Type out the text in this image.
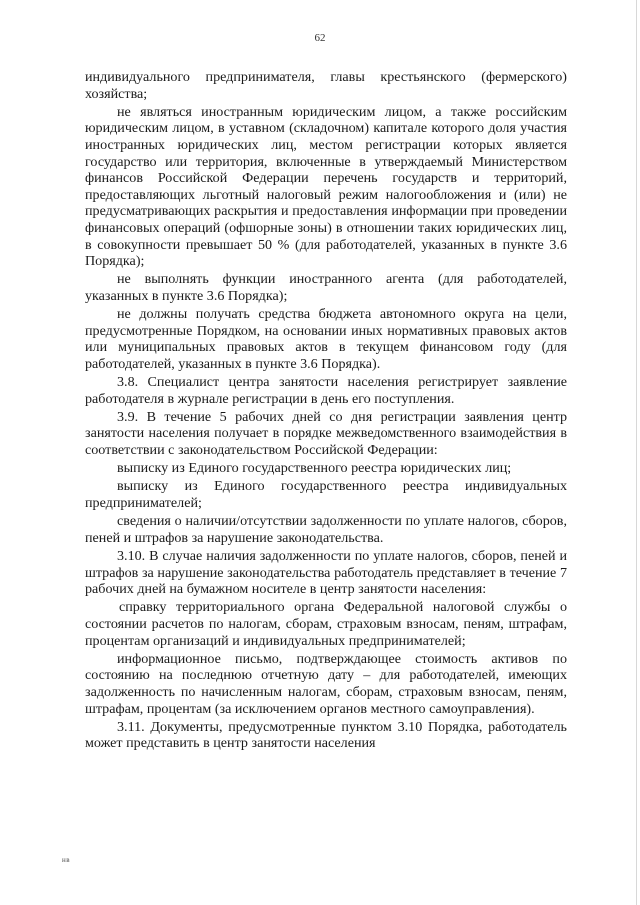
62

индивидуального предпринимателя, главы крестьянского (фермерского) хозяйства;

не являться иностранным юридическим лицом, а также российским юридическим лицом, в уставном (складочном) капитале которого доля участия иностранных юридических лиц, местом регистрации которых является государство или территория, включенные в утверждаемый Министерством финансов Российской Федерации перечень государств и территорий, предоставляющих льготный налоговый режим налогообложения и (или) не предусматривающих раскрытия и предоставления информации при проведении финансовых операций (офшорные зоны) в отношении таких юридических лиц, в совокупности превышает 50 % (для работодателей, указанных в пункте 3.6 Порядка);

не выполнять функции иностранного агента (для работодателей, указанных в пункте 3.6 Порядка);

не должны получать средства бюджета автономного округа на цели, предусмотренные Порядком, на основании иных нормативных правовых актов или муниципальных правовых актов в текущем финансовом году (для работодателей, указанных в пункте 3.6 Порядка).

3.8. Специалист центра занятости населения регистрирует заявление работодателя в журнале регистрации в день его поступления.

3.9. В течение 5 рабочих дней со дня регистрации заявления центр занятости населения получает в порядке межведомственного взаимодействия в соответствии с законодательством Российской Федерации:

выписку из Единого государственного реестра юридических лиц;

выписку из Единого государственного реестра индивидуальных предпринимателей;

сведения о наличии/отсутствии задолженности по уплате налогов, сборов, пеней и штрафов за нарушение законодательства.

3.10. В случае наличия задолженности по уплате налогов, сборов, пеней и штрафов за нарушение законодательства работодатель представляет в течение 7 рабочих дней на бумажном носителе в центр занятости населения:

справку территориального органа Федеральной налоговой службы о состоянии расчетов по налогам, сборам, страховым взносам, пеням, штрафам, процентам организаций и индивидуальных предпринимателей;

информационное письмо, подтверждающее стоимость активов по состоянию на последнюю отчетную дату – для работодателей, имеющих задолженность по начисленным налогам, сборам, страховым взносам, пеням, штрафам, процентам (за исключением органов местного самоуправления).

3.11. Документы, предусмотренные пунктом 3.10 Порядка, работодатель может представить в центр занятости населения

нв
